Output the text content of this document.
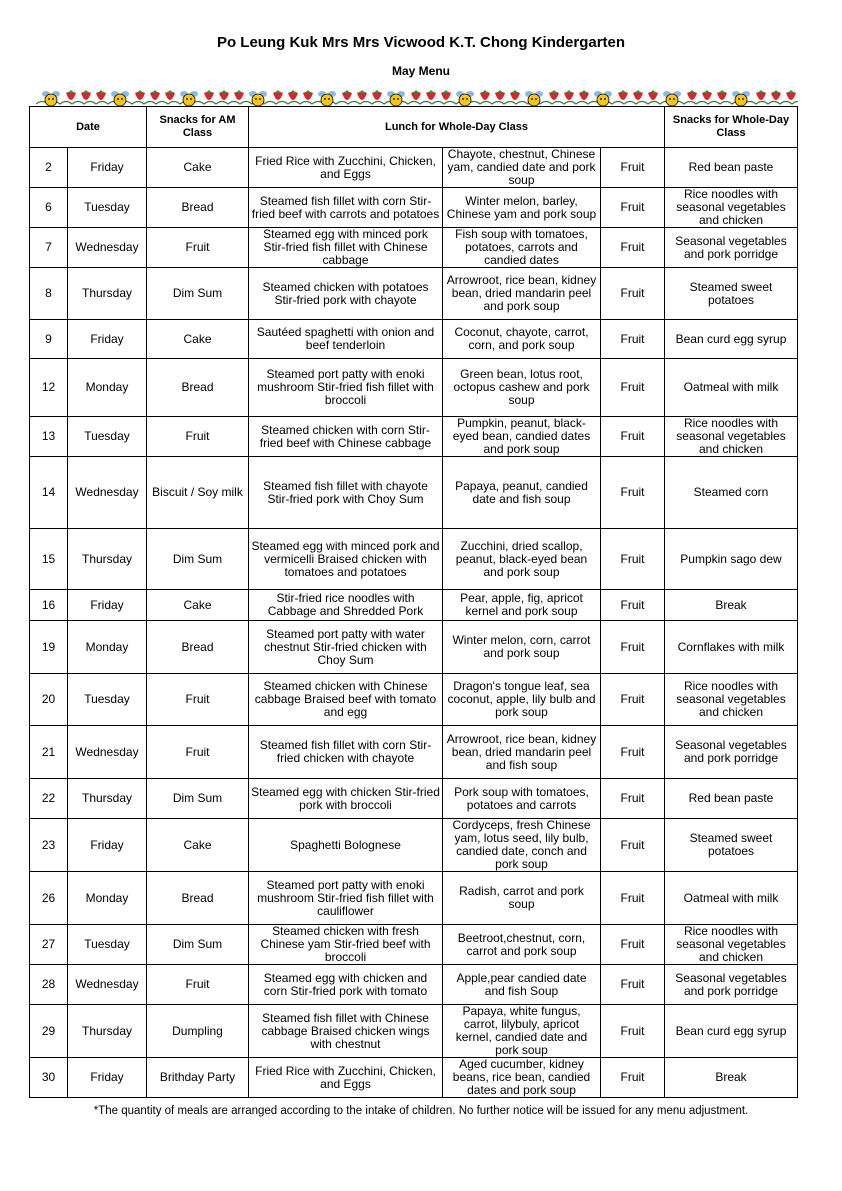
Po Leung Kuk Mrs Mrs Vicwood K.T. Chong Kindergarten
May Menu
Date		Snacks for AM Class	Lunch for Whole-Day Class			Snacks for Whole-Day Class
2	Friday	Cake	Fried Rice with Zucchini, Chicken, and Eggs	Chayote, chestnut, Chinese yam, candied date and pork soup	Fruit	Red bean paste
6	Tuesday	Bread	Steamed fish fillet with corn Stir-fried beef with carrots and potatoes	Winter melon, barley, Chinese yam and pork soup	Fruit	Rice noodles with seasonal vegetables and chicken
7	Wednesday	Fruit	Steamed egg with minced pork Stir-fried fish fillet with Chinese cabbage	Fish soup with tomatoes, potatoes, carrots and candied dates	Fruit	Seasonal vegetables and pork porridge
8	Thursday	Dim Sum	Steamed chicken with potatoes Stir-fried pork with chayote	Arrowroot, rice bean, kidney bean, dried mandarin peel and pork soup	Fruit	Steamed sweet potatoes
9	Friday	Cake	Sautéed spaghetti with onion and beef tenderloin	Coconut, chayote, carrot, corn, and pork soup	Fruit	Bean curd egg syrup
12	Monday	Bread	Steamed port patty with enoki mushroom Stir-fried fish fillet with broccoli	Green bean, lotus root, octopus cashew and pork soup	Fruit	Oatmeal with milk
13	Tuesday	Fruit	Steamed chicken with corn Stir-fried beef with Chinese cabbage	Pumpkin, peanut, black-eyed bean, candied dates and pork soup	Fruit	Rice noodles with seasonal vegetables and chicken
14	Wednesday	Biscuit / Soy milk	Steamed fish fillet with chayote Stir-fried pork with Choy Sum	Papaya, peanut, candied date and fish soup	Fruit	Steamed corn
15	Thursday	Dim Sum	Steamed egg with minced pork and vermicelli Braised chicken with tomatoes and potatoes	Zucchini, dried scallop, peanut, black-eyed bean and pork soup	Fruit	Pumpkin sago dew
16	Friday	Cake	Stir-fried rice noodles with Cabbage and Shredded Pork	Pear, apple, fig, apricot kernel and pork soup	Fruit	Break
19	Monday	Bread	Steamed port patty with water chestnut Stir-fried chicken with Choy Sum	Winter melon, corn, carrot and pork soup	Fruit	Cornflakes with milk
20	Tuesday	Fruit	Steamed chicken with Chinese cabbage Braised beef with tomato and egg	Dragon's tongue leaf, sea coconut, apple, lily bulb and pork soup	Fruit	Rice noodles with seasonal vegetables and chicken
21	Wednesday	Fruit	Steamed fish fillet with corn Stir-fried chicken with chayote	Arrowroot, rice bean, kidney bean, dried mandarin peel and fish soup	Fruit	Seasonal vegetables and pork porridge
22	Thursday	Dim Sum	Steamed egg with chicken Stir-fried pork with broccoli	Pork soup with tomatoes, potatoes and carrots	Fruit	Red bean paste
23	Friday	Cake	Spaghetti Bolognese	Cordyceps, fresh Chinese yam, lotus seed, lily bulb, candied date, conch and pork soup	Fruit	Steamed sweet potatoes
26	Monday	Bread	Steamed port patty with enoki mushroom Stir-fried fish fillet with cauliflower	Radish, carrot and pork soup	Fruit	Oatmeal with milk
27	Tuesday	Dim Sum	Steamed chicken with fresh Chinese yam Stir-fried beef with broccoli	Beetroot,chestnut, corn, carrot and pork soup	Fruit	Rice noodles with seasonal vegetables and chicken
28	Wednesday	Fruit	Steamed egg with chicken and corn Stir-fried pork with tomato	Apple,pear candied date and fish Soup	Fruit	Seasonal vegetables and pork porridge
29	Thursday	Dumpling	Steamed fish fillet with Chinese cabbage Braised chicken wings with chestnut	Papaya, white fungus, carrot, lilybuly, apricot kernel, candied date and pork soup	Fruit	Bean curd egg syrup
30	Friday	Brithday Party	Fried Rice with Zucchini, Chicken, and Eggs	Aged cucumber, kidney beans, rice bean, candied dates and pork soup	Fruit	Break
*The quantity of meals are arranged according to the intake of children. No further notice will be issued for any menu adjustment.
